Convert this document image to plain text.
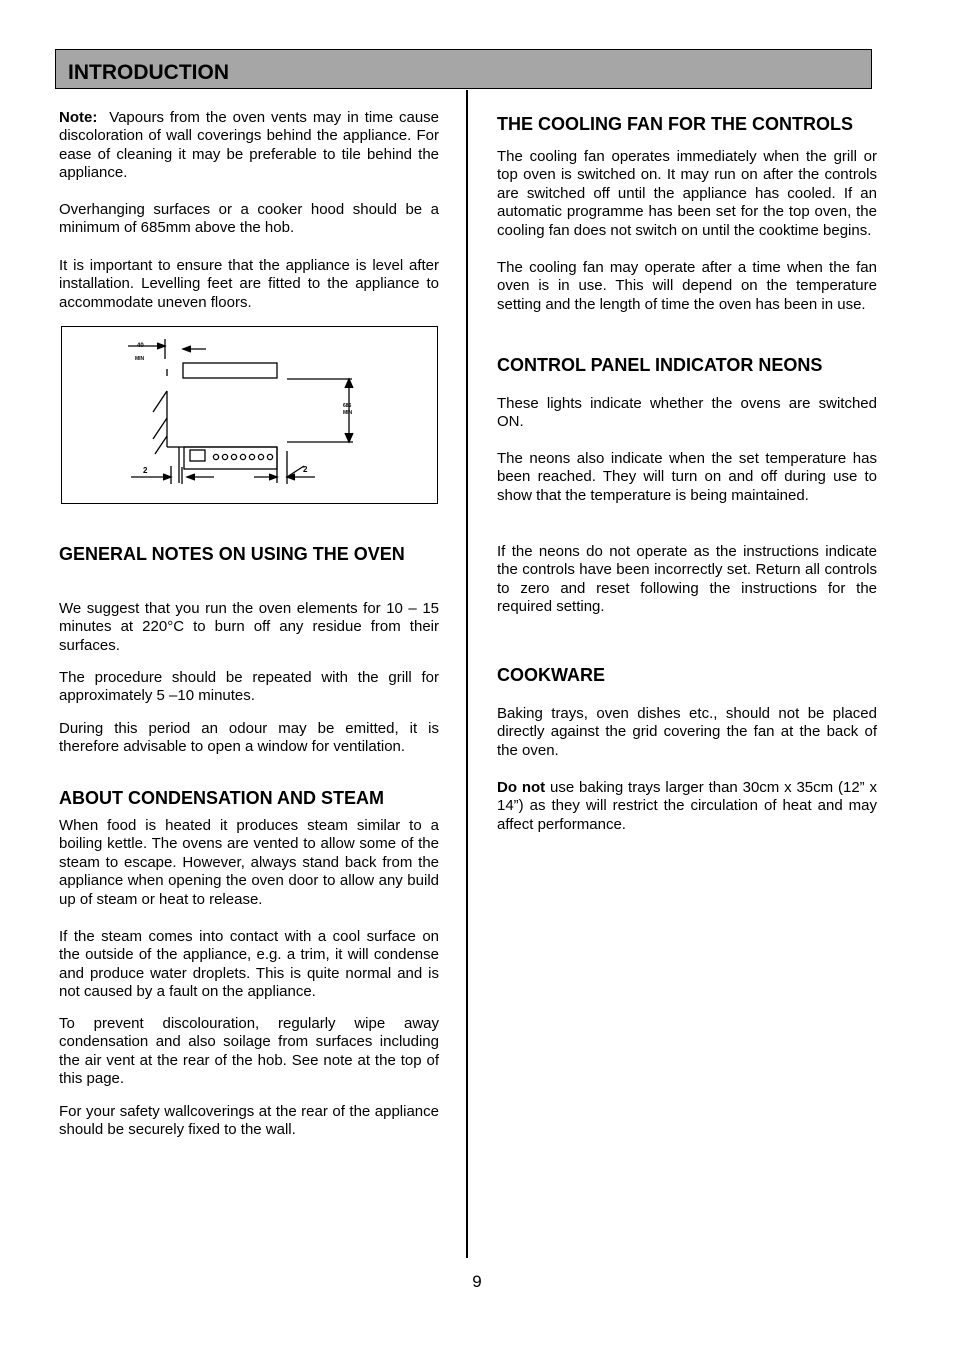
INTRODUCTION

Note: Vapours from the oven vents may in time cause discoloration of wall coverings behind the appliance. For ease of cleaning it may be preferable to tile behind the appliance.

Overhanging surfaces or a cooker hood should be a minimum of 685mm above the hob.

It is important to ensure that the appliance is level after installation. Levelling feet are fitted to the appliance to accommodate uneven floors.

GENERAL NOTES ON USING THE OVEN

We suggest that you run the oven elements for 10 – 15 minutes at 220°C to burn off any residue from their surfaces.

The procedure should be repeated with the grill for approximately 5 –10 minutes.

During this period an odour may be emitted, it is therefore advisable to open a window for ventilation.

ABOUT CONDENSATION AND STEAM

When food is heated it produces steam similar to a boiling kettle. The ovens are vented to allow some of the steam to escape. However, always stand back from the appliance when opening the oven door to allow any build up of steam or heat to release.

If the steam comes into contact with a cool surface on the outside of the appliance, e.g. a trim, it will condense and produce water droplets. This is quite normal and is not caused by a fault on the appliance.

To prevent discolouration, regularly wipe away condensation and also soilage from surfaces including the air vent at the rear of the hob. See note at the top of this page.

For your safety wallcoverings at the rear of the appliance should be securely fixed to the wall.

40
MIN
685
MIN
2	2
THE COOLING FAN FOR THE CONTROLS

The cooling fan operates immediately when the grill or top oven is switched on. It may run on after the controls are switched off until the appliance has cooled. If an automatic programme has been set for the top oven, the cooling fan does not switch on until the cooktime begins.

The cooling fan may operate after a time when the fan oven is in use. This will depend on the temperature setting and the length of time the oven has been in use.

CONTROL PANEL INDICATOR NEONS

These lights indicate whether the ovens are switched ON.

The neons also indicate when the set temperature has been reached. They will turn on and off during use to show that the temperature is being maintained.

If the neons do not operate as the instructions indicate the controls have been incorrectly set. Return all controls to zero and reset following the instructions for the required setting.

COOKWARE

Baking trays, oven dishes etc., should not be placed directly against the grid covering the fan at the back of the oven.

Do not use baking trays larger than 30cm x 35cm (12” x 14”) as they will restrict the circulation of heat and may affect performance.

9
